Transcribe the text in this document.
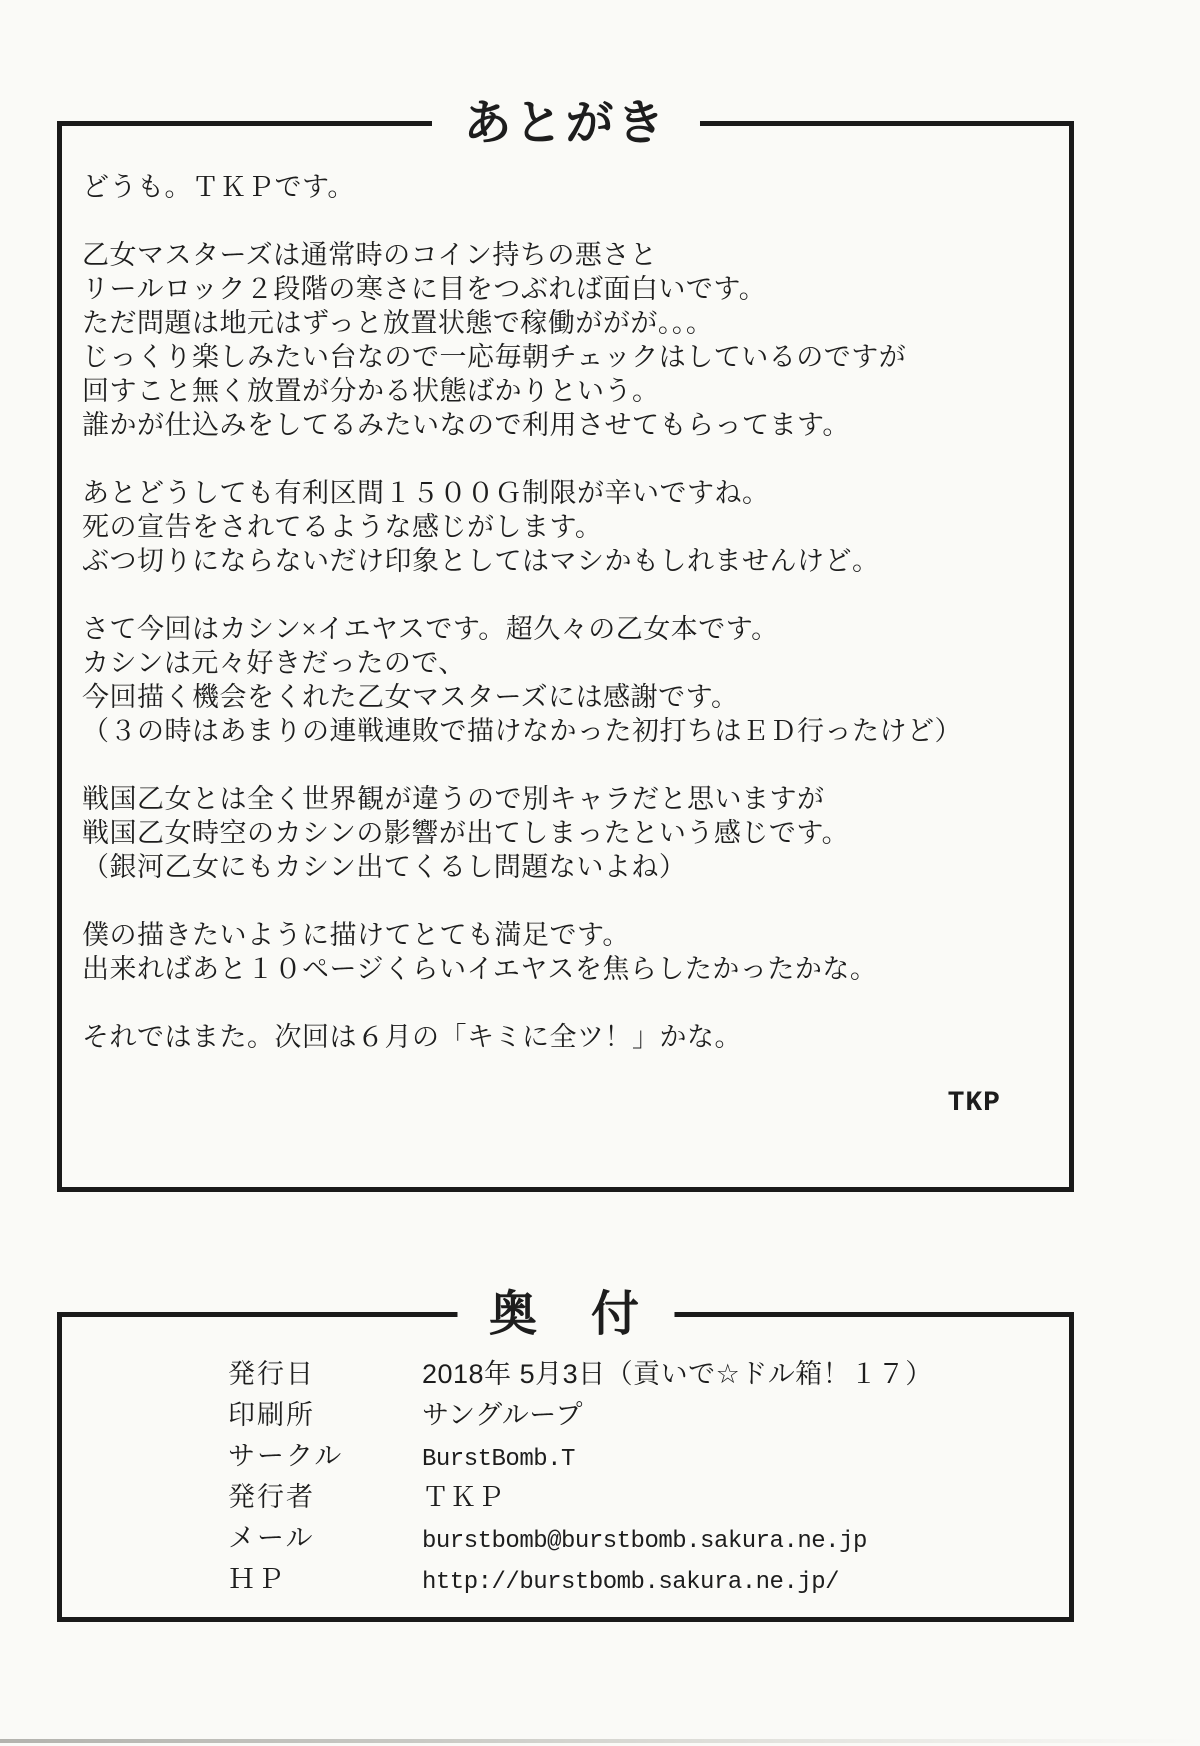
あとがき
どうも。ＴＫＰです。

乙女マスターズは通常時のコイン持ちの悪さと
リールロック２段階の寒さに目をつぶれば面白いです。
ただ問題は地元はずっと放置状態で稼働ががが。。。
じっくり楽しみたい台なので一応毎朝チェックはしているのですが
回すこと無く放置が分かる状態ばかりという。
誰かが仕込みをしてるみたいなので利用させてもらってます。

あとどうしても有利区間１５００Ｇ制限が辛いですね。
死の宣告をされてるような感じがします。
ぶつ切りにならないだけ印象としてはマシかもしれませんけど。

さて今回はカシン×イエヤスです。超久々の乙女本です。
カシンは元々好きだったので、
今回描く機会をくれた乙女マスターズには感謝です。
（３の時はあまりの連戦連敗で描けなかった初打ちはＥＤ行ったけど）

戦国乙女とは全く世界観が違うので別キャラだと思いますが
戦国乙女時空のカシンの影響が出てしまったという感じです。
（銀河乙女にもカシン出てくるし問題ないよね）

僕の描きたいように描けてとても満足です。
出来ればあと１０ページくらいイエヤスを焦らしたかったかな。

それではまた。次回は６月の「キミに全ツ！」かな。
TKP
奥　付
発行日	2018年 5月3日（貢いで☆ドル箱！１７）
印刷所	サングループ
サークル	BurstBomb.T
発行者	ＴＫＰ
メール	burstbomb@burstbomb.sakura.ne.jp
ＨＰ	http://burstbomb.sakura.ne.jp/
